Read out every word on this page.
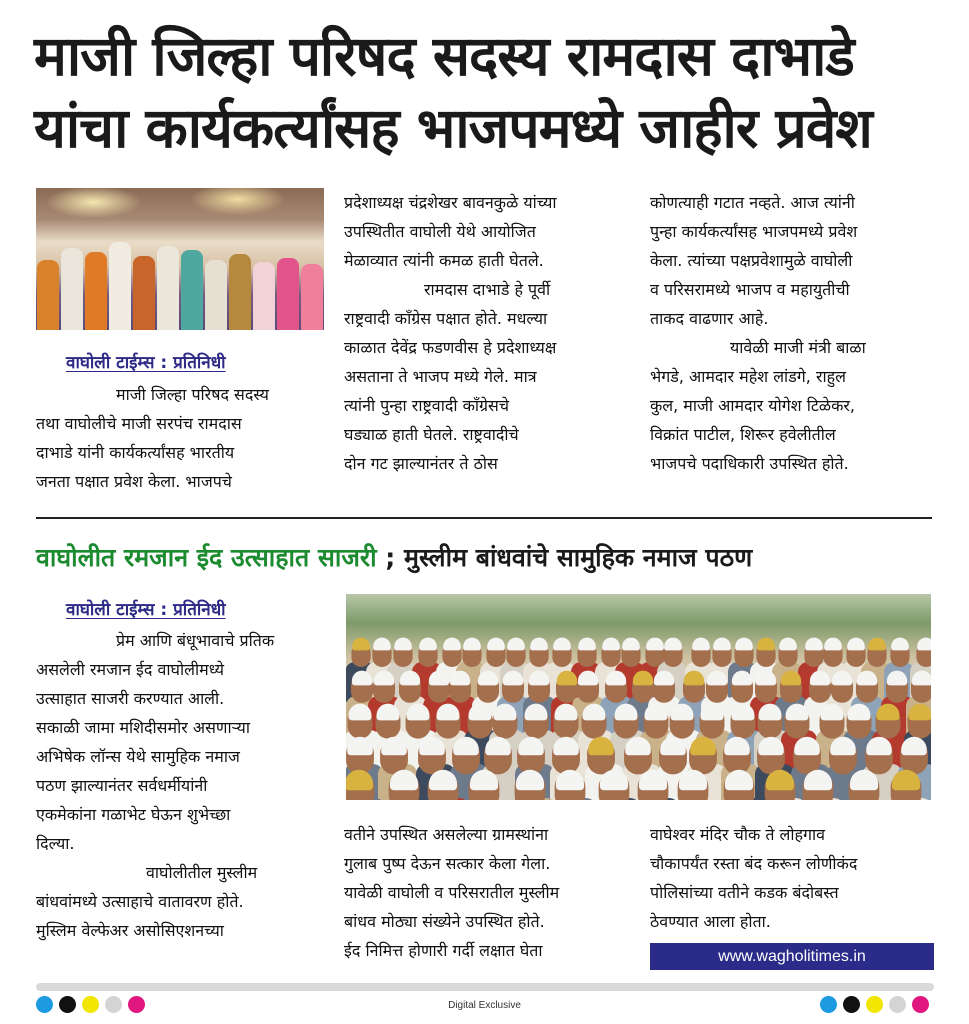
माजी जिल्हा परिषद सदस्य रामदास दाभाडे
यांचा कार्यकर्त्यांसह भाजपमध्ये जाहीर प्रवेश
वाघोली टाईम्स : प्रतिनिधी

माजी जिल्हा परिषद सदस्य

तथा वाघोलीचे माजी सरपंच रामदास

दाभाडे यांनी कार्यकर्त्यांसह भारतीय

जनता पक्षात प्रवेश केला. भाजपचे

प्रदेशाध्यक्ष चंद्रशेखर बावनकुळे यांच्या

उपस्थितीत वाघोली येथे आयोजित

मेळाव्यात त्यांनी कमळ हाती घेतले.

रामदास दाभाडे हे पूर्वी

राष्ट्रवादी काँग्रेस पक्षात होते. मधल्या

काळात देवेंद्र फडणवीस हे प्रदेशाध्यक्ष

असताना ते भाजप मध्ये गेले. मात्र

त्यांनी पुन्हा राष्ट्रवादी काँग्रेसचे

घड्याळ हाती घेतले. राष्ट्रवादीचे

दोन गट झाल्यानंतर ते ठोस

कोणत्याही गटात नव्हते. आज त्यांनी

पुन्हा कार्यकर्त्यांसह भाजपमध्ये प्रवेश

केला. त्यांच्या पक्षप्रवेशामुळे वाघोली

व परिसरामध्ये भाजप व महायुतीची

ताकद वाढणार आहे.

यावेळी माजी मंत्री बाळा

भेगडे, आमदार महेश लांडगे, राहुल

कुल, माजी आमदार योगेश टिळेकर,

विक्रांत पाटील, शिरूर हवेलीतील

भाजपचे पदाधिकारी उपस्थित होते.

वाघोलीत रमजान ईद उत्साहात साजरी ; मुस्लीम बांधवांचे सामुहिक नमाज पठण
वाघोली टाईम्स : प्रतिनिधी

प्रेम आणि बंधूभावाचे प्रतिक

असलेली रमजान ईद वाघोलीमध्ये

उत्साहात साजरी करण्यात आली.

सकाळी जामा मशिदीसमोर असणाऱ्या

अभिषेक लॉन्स येथे सामुहिक नमाज

पठण झाल्यानंतर सर्वधर्मीयांनी

एकमेकांना गळाभेट घेऊन शुभेच्छा

दिल्या.

वाघोलीतील मुस्लीम

बांधवांमध्ये उत्साहाचे वातावरण होते.

मुस्लिम वेल्फेअर असोसिएशनच्या

वतीने उपस्थित असलेल्या ग्रामस्थांना

गुलाब पुष्प देऊन सत्कार केला गेला.

यावेळी वाघोली व परिसरातील मुस्लीम

बांधव मोठ्या संख्येने उपस्थित होते.

ईद निमित्त होणारी गर्दी लक्षात घेता

वाघेश्वर मंदिर चौक ते लोहगाव

चौकापर्यंत रस्ता बंद करून लोणीकंद

पोलिसांच्या वतीने कडक बंदोबस्त

ठेवण्यात आला होता.

www.wagholitimes.in
Digital Exclusive
